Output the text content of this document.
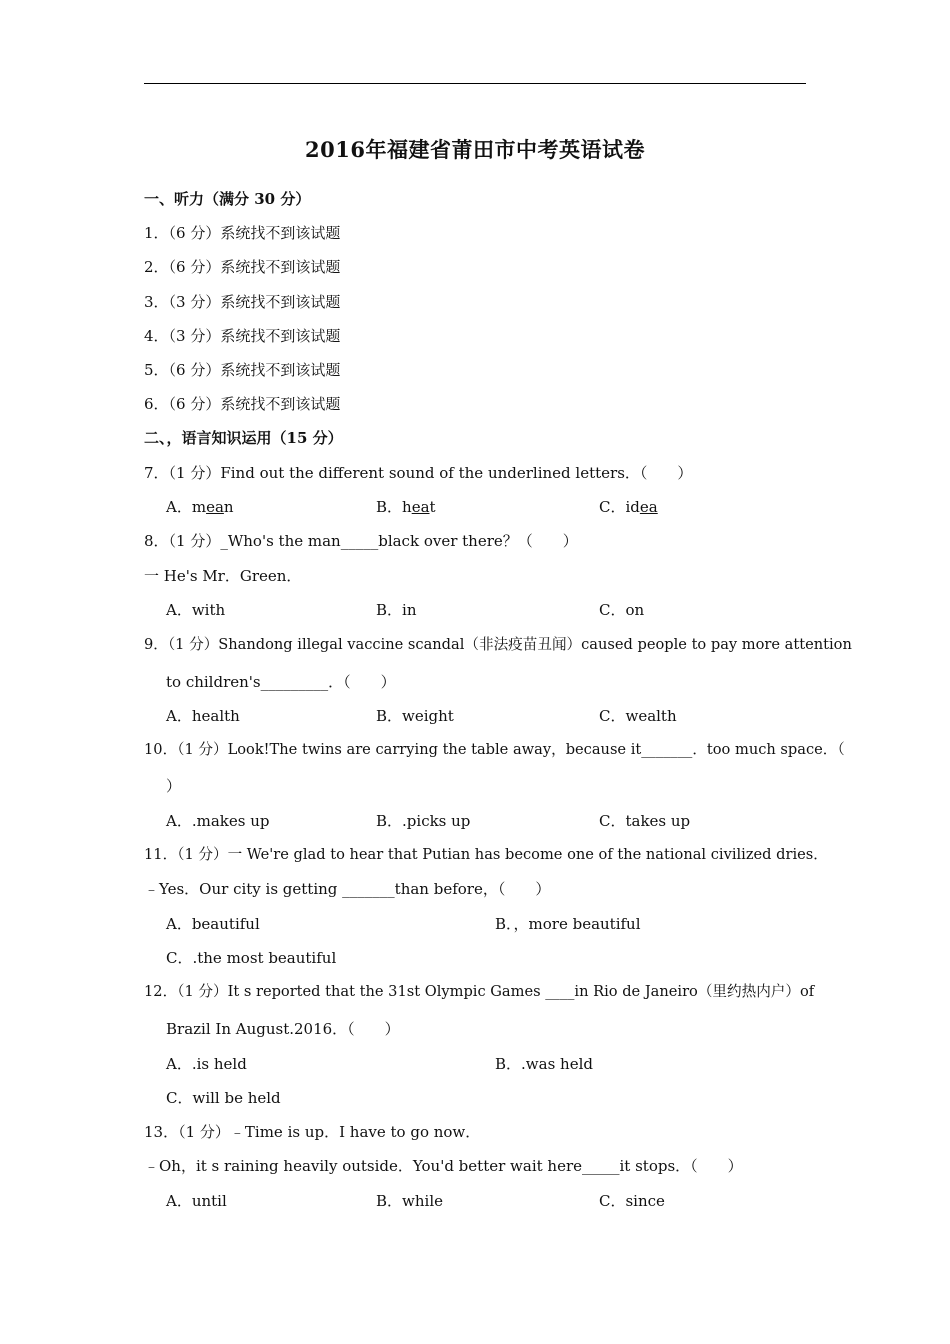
2016年福建省莆田市中考英语试卷
一、听力（满分 30 分）
1．（6 分）系统找不到该试题
2．（6 分）系统找不到该试题
3．（3 分）系统找不到该试题
4．（3 分）系统找不到该试题
5．（6 分）系统找不到该试题
6．（6 分）系统找不到该试题
二、，语言知识运用（15 分）
7．（1 分）Find out the different sound of the underlined letters．（　　）
A．mean	B．heat	C．idea
8．（1 分）_Who's the man_____black over there？（　　）
一 He's Mr．Green．
A．with	B．in	C．on
9．（1 分）Shandong illegal vaccine scandal（非法疫苗丑闻）caused people to pay more attention
to children's_________．（　　）
A．health	B．weight	C．wealth
10．（1 分）Look!The twins are carrying the table away，because it_______．too much space．（
）
A．.makes up	B．.picks up	C．takes up
11．（1 分）一 We're glad to hear that Putian has become one of the national civilized dries．
﹣Yes．Our city is getting _______than before，（　　）
A．beautiful	B．，more beautiful
C．.the most beautiful
12．（1 分）It s reported that the 31st Olympic Games ____in Rio de Janeiro（里约热内户）of
Brazil In August.2016．（　　）
A．.is held	B．.was held
C．will be held
13．（1 分）﹣Time is up．I have to go now．
﹣Oh，it s raining heavily outside．You'd better wait here_____it stops．（　　）
A．until	B．while	C．since
